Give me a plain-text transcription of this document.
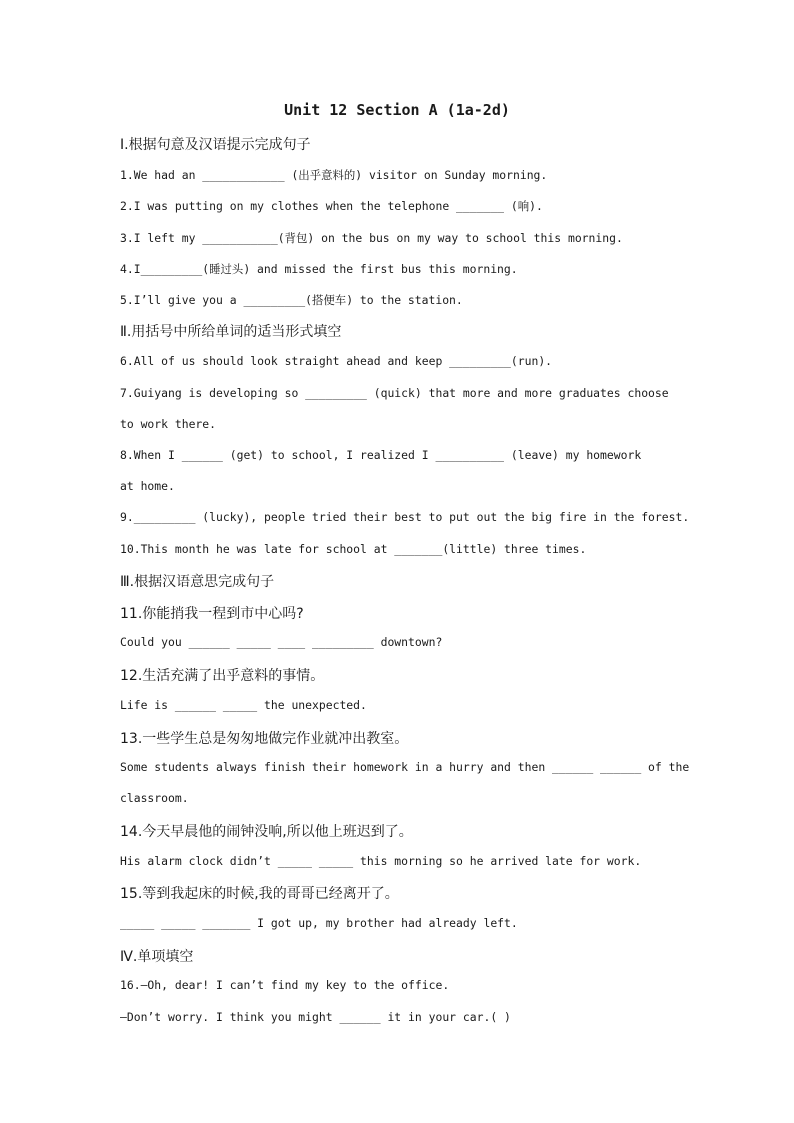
Unit 12 Section A (1a-2d)
Ⅰ.根据句意及汉语提示完成句子
1.We had an ____________ (出乎意料的) visitor on Sunday morning.
2.I was putting on my clothes when the telephone _______ (响).
3.I left my ___________(背包) on the bus on my way to school this morning.
4.I_________(睡过头) and missed the first bus this morning.
5.I’ll give you a _________(搭便车) to the station.
Ⅱ.用括号中所给单词的适当形式填空
6.All of us should look straight ahead and keep _________(run).
7.Guiyang is developing so _________ (quick) that more and more graduates choose
to work there.
8.When I ______ (get) to school, I realized I __________ (leave) my homework
at home.
9._________ (lucky), people tried their best to put out the big fire in the forest.
10.This month he was late for school at _______(little) three times.
Ⅲ.根据汉语意思完成句子
11.你能捎我一程到市中心吗?
Could you ______ _____ ____ _________ downtown?
12.生活充满了出乎意料的事情。
Life is ______ _____ the unexpected.
13.一些学生总是匆匆地做完作业就冲出教室。
Some students always finish their homework in a hurry and then ______ ______ of the
classroom.
14.今天早晨他的闹钟没响,所以他上班迟到了。
His alarm clock didn’t _____ _____ this morning so he arrived late for work.
15.等到我起床的时候,我的哥哥已经离开了。
_____ _____ _______ I got up, my brother had already left.
Ⅳ.单项填空
16.—Oh, dear! I can’t find my key to the office.
—Don’t worry. I think you might ______ it in your car.( )
